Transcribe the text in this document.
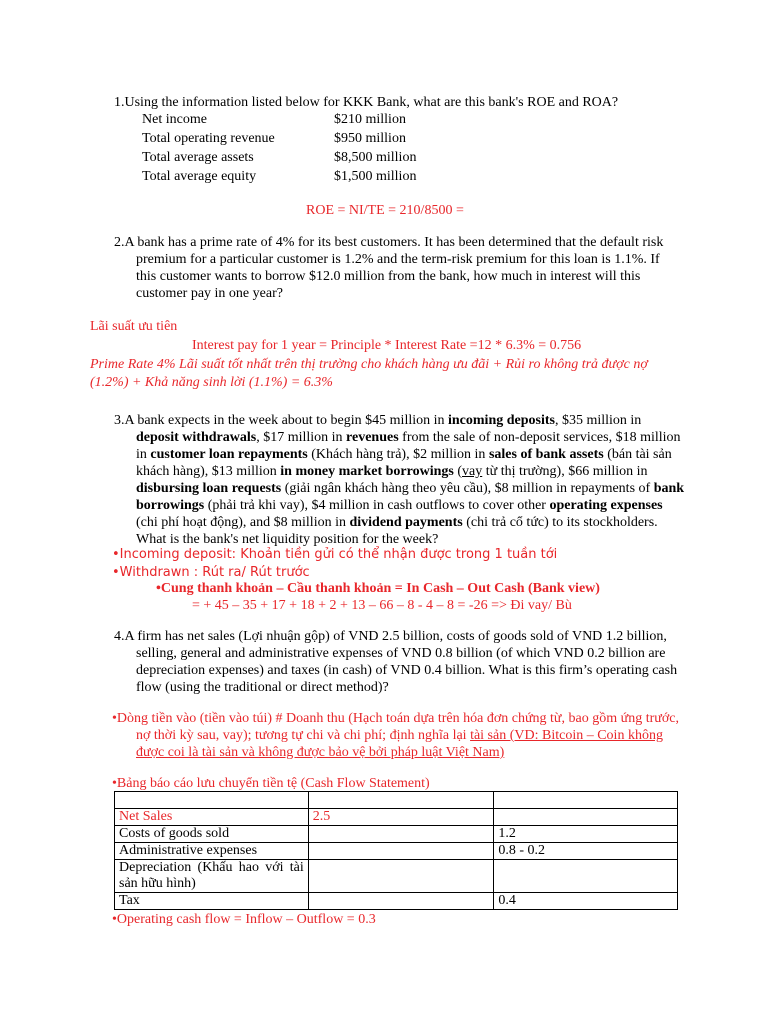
1.Using the information listed below for KKK Bank, what are this bank's ROE and ROA?
Net income	$210 million
Total operating revenue	$950 million
Total average assets	$8,500 million
Total average equity	$1,500 million
ROE = NI/TE = 210/8500 =
2.A bank has a prime rate of 4% for its best customers. It has been determined that the default risk
premium for a particular customer is 1.2% and the term-risk premium for this loan is 1.1%. If
this customer wants to borrow $12.0 million from the bank, how much in interest will this
customer pay in one year?
Lãi suất ưu tiên
Interest pay for 1 year = Principle * Interest Rate =12 * 6.3% = 0.756
Prime Rate 4% Lãi suất tốt nhất trên thị trường cho khách hàng ưu đãi + Rủi ro không trả được nợ
(1.2%) + Khả năng sinh lời (1.1%) = 6.3%
3.A bank expects in the week about to begin $45 million in incoming deposits, $35 million in
deposit withdrawals, $17 million in revenues from the sale of non-deposit services, $18 million
in customer loan repayments (Khách hàng trả), $2 million in sales of bank assets (bán tài sản
khách hàng), $13 million in money market borrowings (vay từ thị trường), $66 million in
disbursing loan requests (giải ngân khách hàng theo yêu cầu), $8 million in repayments of bank
borrowings (phải trả khi vay), $4 million in cash outflows to cover other operating expenses
(chi phí hoạt động), and $8 million in dividend payments (chi trả cổ tức) to its stockholders.
What is the bank's net liquidity position for the week?
• Incoming deposit: Khoản tiền gửi có thể nhận được trong 1 tuần tới
• Withdrawn : Rút ra/ Rút trước
• Cung thanh khoản – Cầu thanh khoản = In Cash – Out Cash (Bank view)
= + 45 – 35 + 17 + 18 + 2 + 13 – 66 – 8 - 4 – 8 = -26 => Đi vay/ Bù
4.A firm has net sales (Lợi nhuận gộp) of VND 2.5 billion, costs of goods sold of VND 1.2 billion,
selling, general and administrative expenses of VND 0.8 billion (of which VND 0.2 billion are
depreciation expenses) and taxes (in cash) of VND 0.4 billion. What is this firm’s operating cash
flow (using the traditional or direct method)?
• Dòng tiền vào (tiền vào túi) # Doanh thu (Hạch toán dựa trên hóa đơn chứng từ, bao gồm ứng trước,
nợ thời kỳ sau, vay); tương tự chi và chi phí; định nghĩa lại tài sản (VD: Bitcoin – Coin không
được coi là tài sản và không được bảo vệ bởi pháp luật Việt Nam)
• Bảng báo cáo lưu chuyển tiền tệ (Cash Flow Statement)

Net Sales	2.5	
Costs of goods sold		1.2
Administrative expenses		0.8 - 0.2
Depreciation (Khấu hao với tài sản hữu hình)		
Tax		0.4
• Operating cash flow = Inflow – Outflow = 0.3
